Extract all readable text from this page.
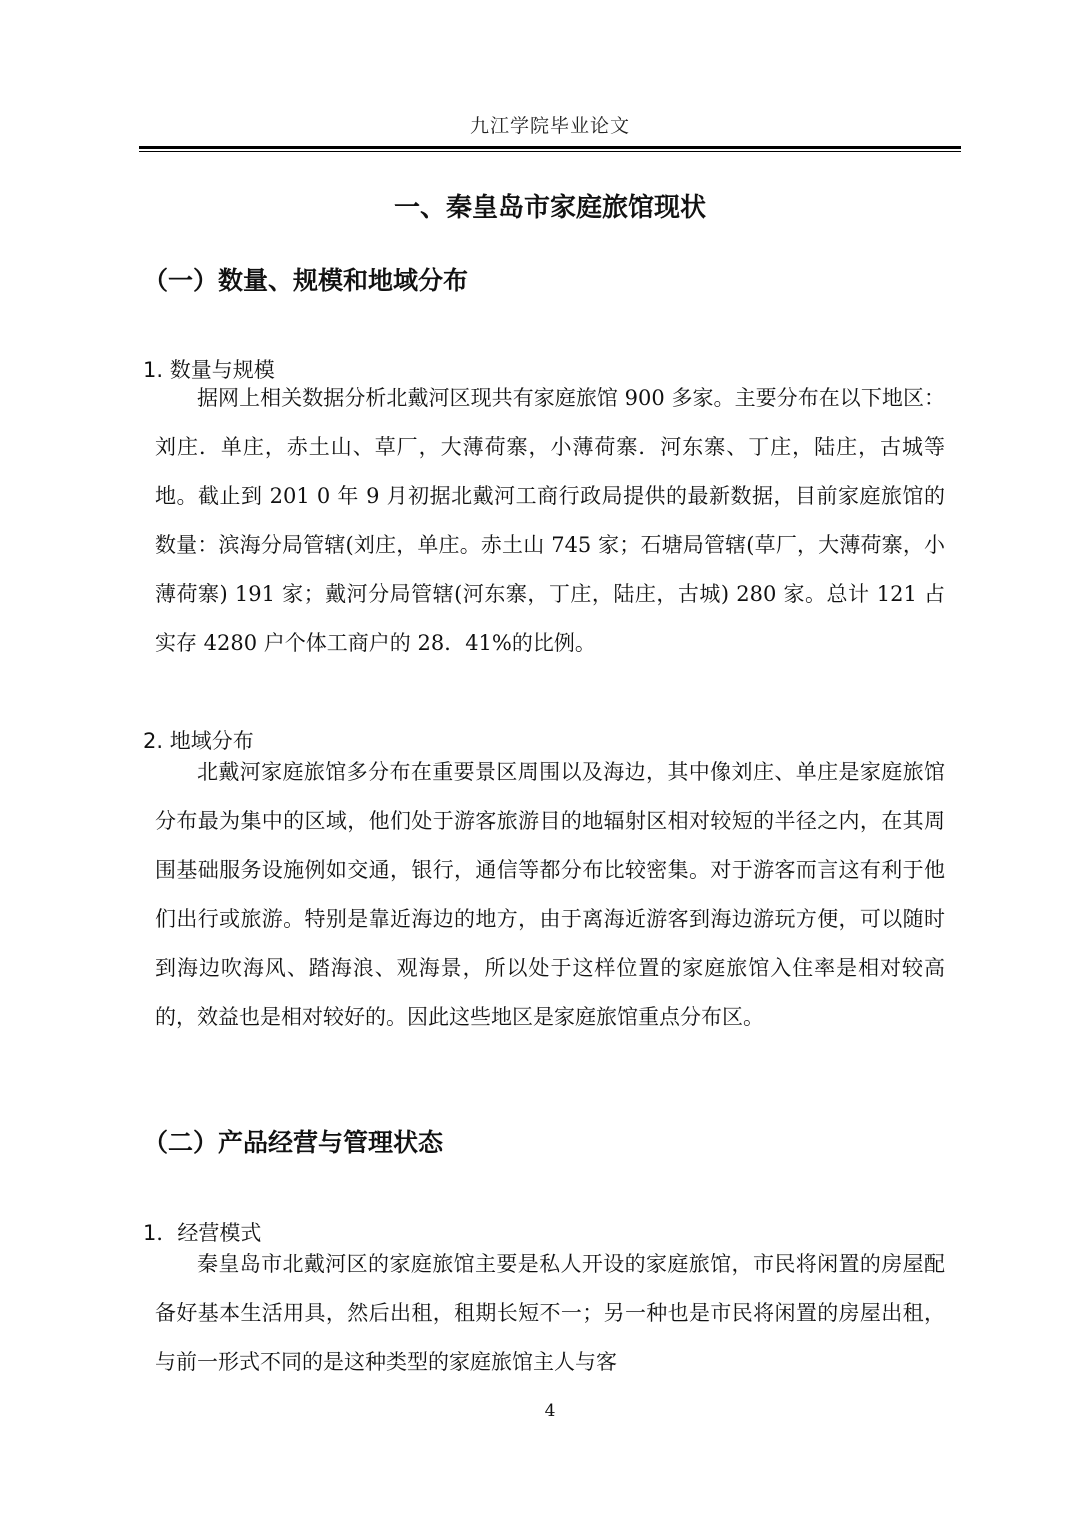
九江学院毕业论文
一、秦皇岛市家庭旅馆现状
（一）数量、规模和地域分布
1. 数量与规模

据网上相关数据分析北戴河区现共有家庭旅馆 900 多家。主要分布在以下地区：刘庄．单庄，赤土山、草厂，大薄荷寨，小薄荷寨．河东寨、丁庄，陆庄，古城等地。截止到 201 0 年 9 月初据北戴河工商行政局提供的最新数据，目前家庭旅馆的数量：滨海分局管辖(刘庄，单庄。赤土山 745 家；石塘局管辖(草厂，大薄荷寨，小薄荷寨) 191 家；戴河分局管辖(河东寨，丁庄，陆庄，古城) 280 家。总计 121 占实存 4280 户个体工商户的 28．41%的比例。

2. 地域分布

北戴河家庭旅馆多分布在重要景区周围以及海边，其中像刘庄、单庄是家庭旅馆分布最为集中的区域，他们处于游客旅游目的地辐射区相对较短的半径之内，在其周围基础服务设施例如交通，银行，通信等都分布比较密集。对于游客而言这有利于他们出行或旅游。特别是靠近海边的地方，由于离海近游客到海边游玩方便，可以随时到海边吹海风、踏海浪、观海景，所以处于这样位置的家庭旅馆入住率是相对较高的，效益也是相对较好的。因此这些地区是家庭旅馆重点分布区。

（二）产品经营与管理状态
1．经营模式

秦皇岛市北戴河区的家庭旅馆主要是私人开设的家庭旅馆，市民将闲置的房屋配备好基本生活用具，然后出租，租期长短不一；另一种也是市民将闲置的房屋出租，与前一形式不同的是这种类型的家庭旅馆主人与客

4
